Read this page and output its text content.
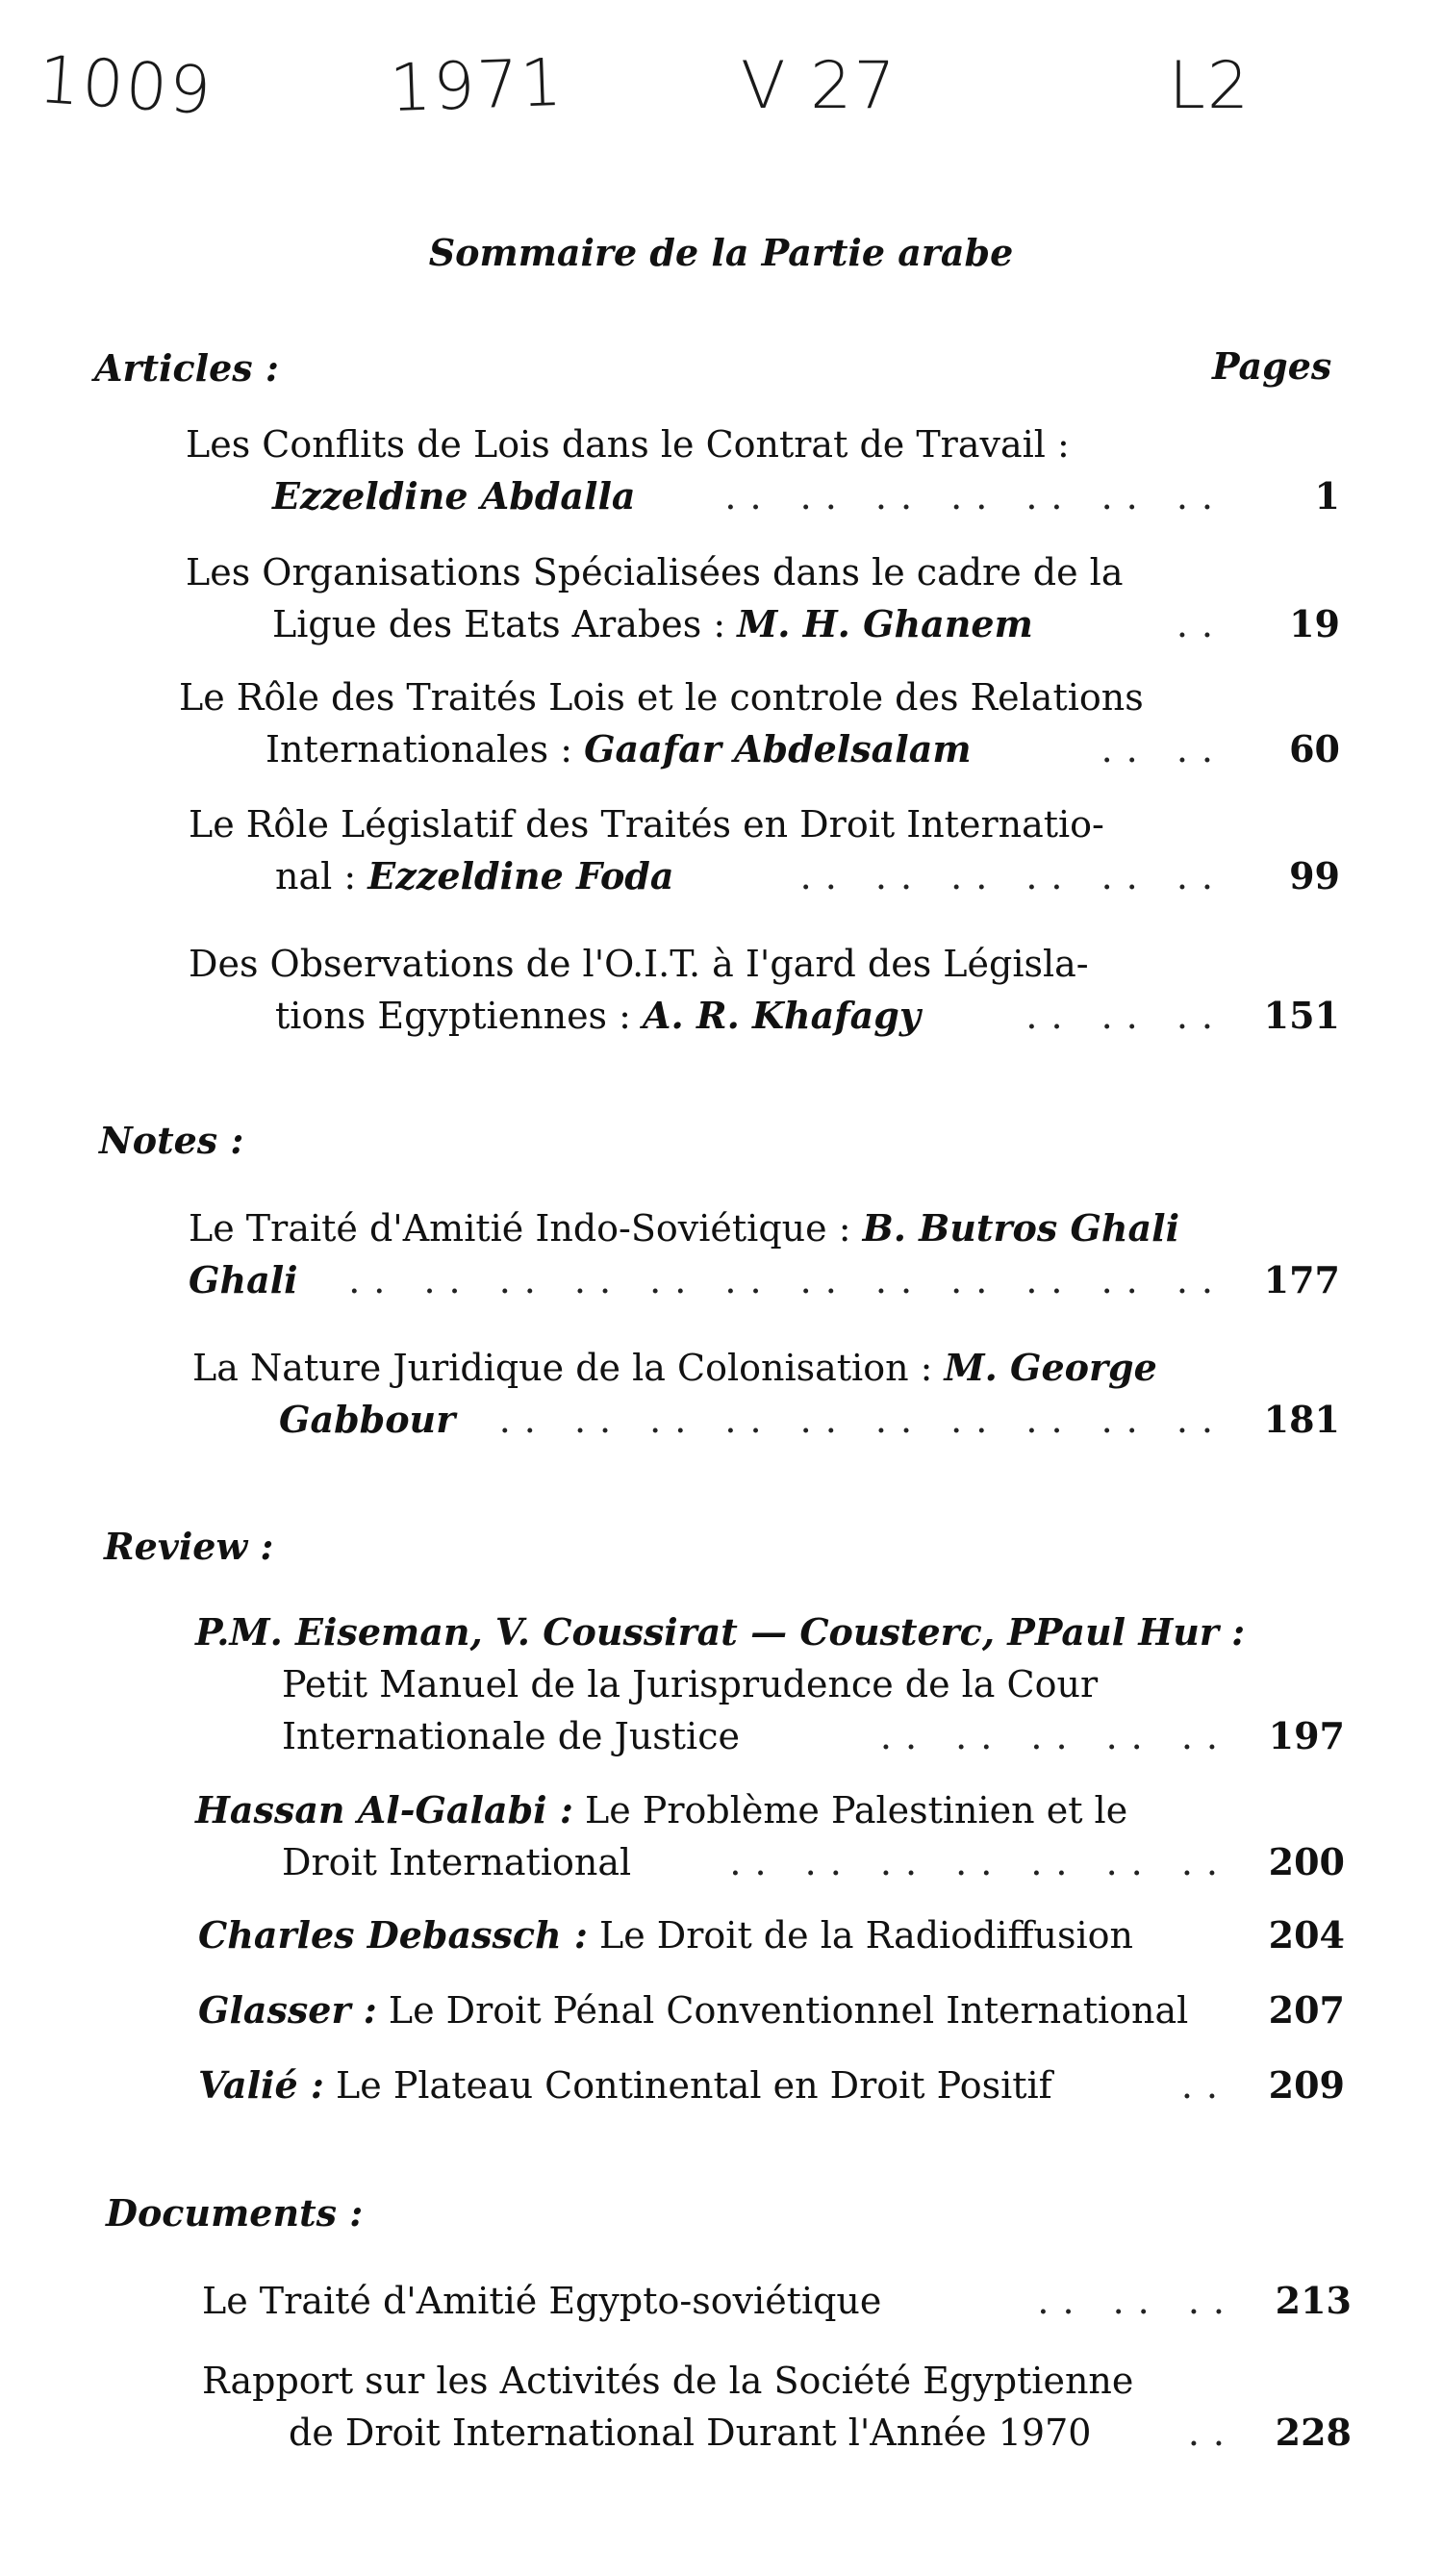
1009	1971	V 27	L2
Sommaire de la Partie arabe
Articles :	Pages
Les Conflits de Lois dans le Contrat de Travail :
Ezzeldine Abdalla .. .. .. .. .. .. ..	1
Les Organisations Spécialisées dans le cadre de la
Ligue des Etats Arabes : M. H. Ghanem	..	19
Le Rôle des Traités Lois et le controle des Relations
Internationales : Gaafar Abdelsalam	.. ..	60
Le Rôle Législatif des Traités en Droit Internatio-
nal : Ezzeldine Foda	.. .. .. .. .. ..	99
Des Observations de l'O.I.T. à I'gard des Législa-
tions Egyptiennes : A. R. Khafagy	.. .. .. 151
Notes :
Le Traité d'Amitié Indo-Soviétique : B. Butros Ghali
Ghali .. .. .. .. .. .. .. .. .. .. .. .. 177
La Nature Juridique de la Colonisation : M. George
Gabbour .. .. .. .. .. .. .. .. .. .. 181
Review :
P.M. Eiseman, V. Coussirat — Cousterc, PPaul Hur :
Petit Manuel de la Jurisprudence de la Cour
Internationale de Justice	.. .. .. .. .. 197
Hassan Al-Galabi : Le Problème Palestinien et le
Droit International	.. .. .. .. .. .. .. 200
Charles Debassch : Le Droit de la Radiodiffusion	204
Glasser : Le Droit Pénal Conventionnel International 207
Valié : Le Plateau Continental en Droit Positif	.. 209
Documents :
Le Traité d'Amitié Egypto-soviétique	.. .. .. 213
Rapport sur les Activités de la Société Egyptienne
de Droit International Durant l'Année 1970	.. 228
